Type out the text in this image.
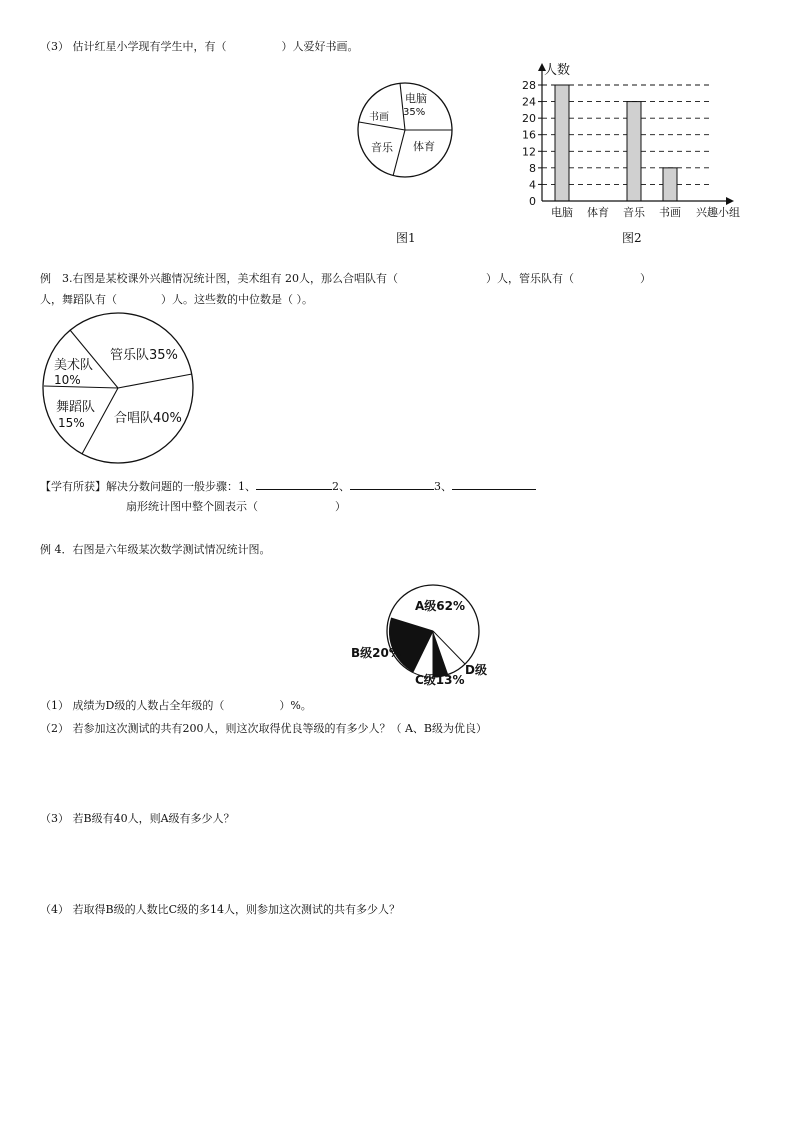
（3） 估计红星小学现有学生中，有（　　　　　）人爱好书画。
电脑
35%
书画
音乐 体育
图1
0
4
8
12
16
20
24
28
电脑 体育 音乐 书画
人数
兴趣小组
图2
例　3.右图是某校课外兴趣情况统计图，美术组有 20人，那么合唱队有（　　　　　　　　）人，管乐队有（　　　　　　）
人，舞蹈队有（　　　　）人。这些数的中位数是（ ）。
管乐队35%
美术队
10%
舞蹈队
15% 合唱队40%
【学有所获】解决分数问题的一般步骤：1、	2、	3、
扇形统计图中整个圆表示（　　　　　　　）
例 4．右图是六年级某次数学测试情况统计图。
A级62%
B级20%
C级13%
D级
（1） 成绩为D级的人数占全年级的（　　　　　）%。
（2） 若参加这次测试的共有200人，则这次取得优良等级的有多少人？（ A、B级为优良）
（3） 若B级有40人，则A级有多少人？
（4） 若取得B级的人数比C级的多14人，则参加这次测试的共有多少人？
